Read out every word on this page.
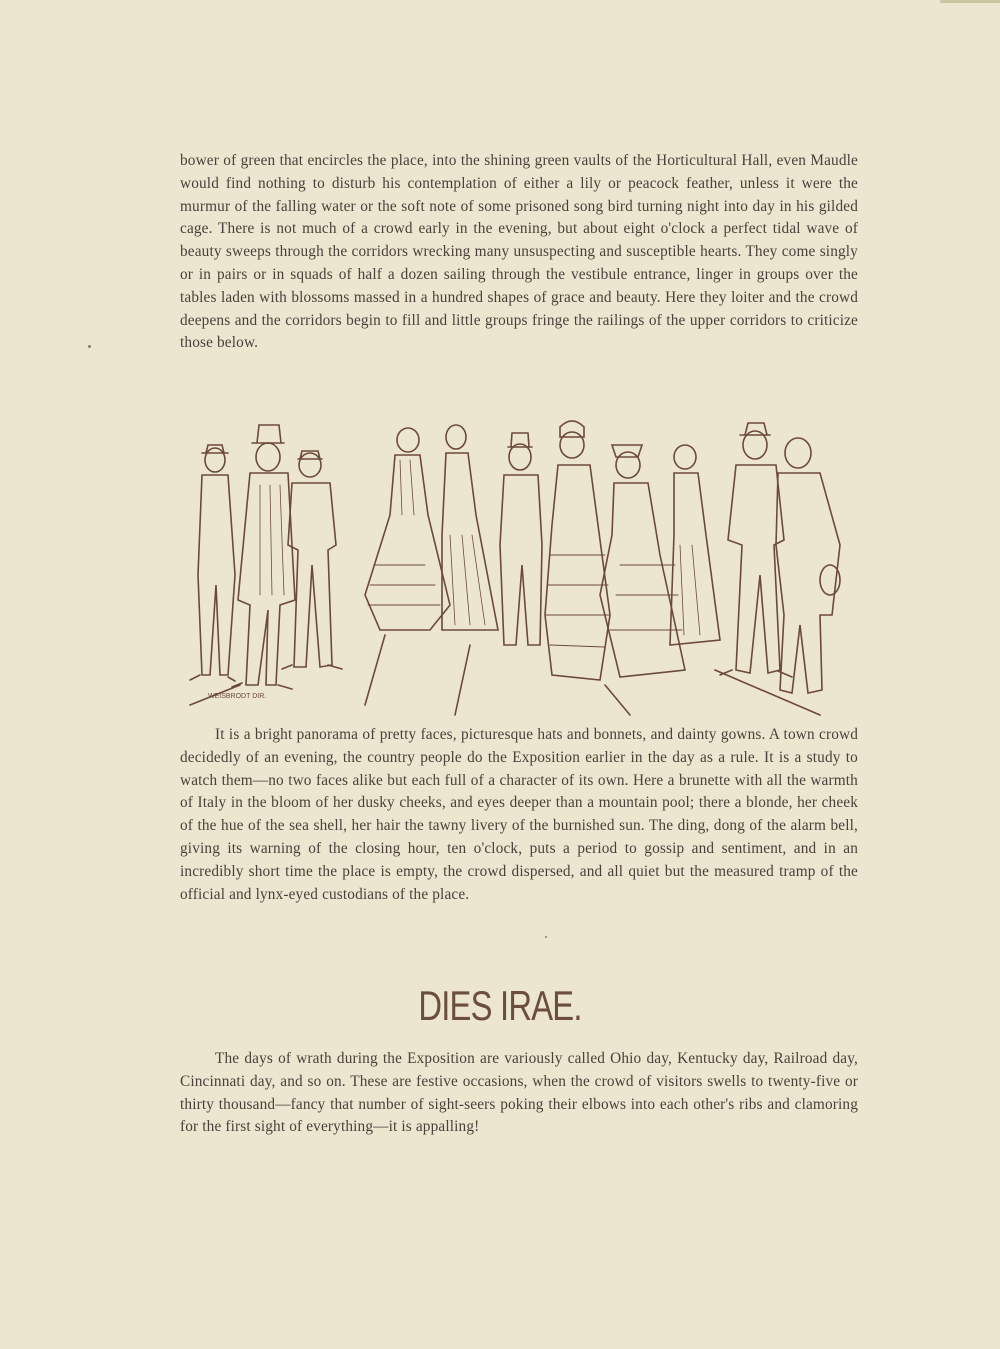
bower of green that encircles the place, into the shining green vaults of the Horticultural Hall, even Maudle would find nothing to disturb his contemplation of either a lily or peacock feather, unless it were the murmur of the falling water or the soft note of some prisoned song bird turning night into day in his gilded cage. There is not much of a crowd early in the evening, but about eight o'clock a perfect tidal wave of beauty sweeps through the corridors wrecking many unsuspecting and susceptible hearts. They come singly or in pairs or in squads of half a dozen sailing through the vestibule entrance, linger in groups over the tables laden with blossoms massed in a hundred shapes of grace and beauty. Here they loiter and the crowd deepens and the corridors begin to fill and little groups fringe the railings of the upper corridors to criticize those below.

WEISBRODT DIR.

It is a bright panorama of pretty faces, picturesque hats and bonnets, and dainty gowns. A town crowd decidedly of an evening, the country people do the Exposition earlier in the day as a rule. It is a study to watch them—no two faces alike but each full of a character of its own. Here a brunette with all the warmth of Italy in the bloom of her dusky cheeks, and eyes deeper than a mountain pool; there a blonde, her cheek of the hue of the sea shell, her hair the tawny livery of the burnished sun. The ding, dong of the alarm bell, giving its warning of the closing hour, ten o'clock, puts a period to gossip and sentiment, and in an incredibly short time the place is empty, the crowd dispersed, and all quiet but the measured tramp of the official and lynx-eyed custodians of the place.

DIES IRAE.

The days of wrath during the Exposition are variously called Ohio day, Kentucky day, Railroad day, Cincinnati day, and so on. These are festive occasions, when the crowd of visitors swells to twenty-five or thirty thousand—fancy that number of sight-seers poking their elbows into each other's ribs and clamoring for the first sight of everything—it is appalling!
